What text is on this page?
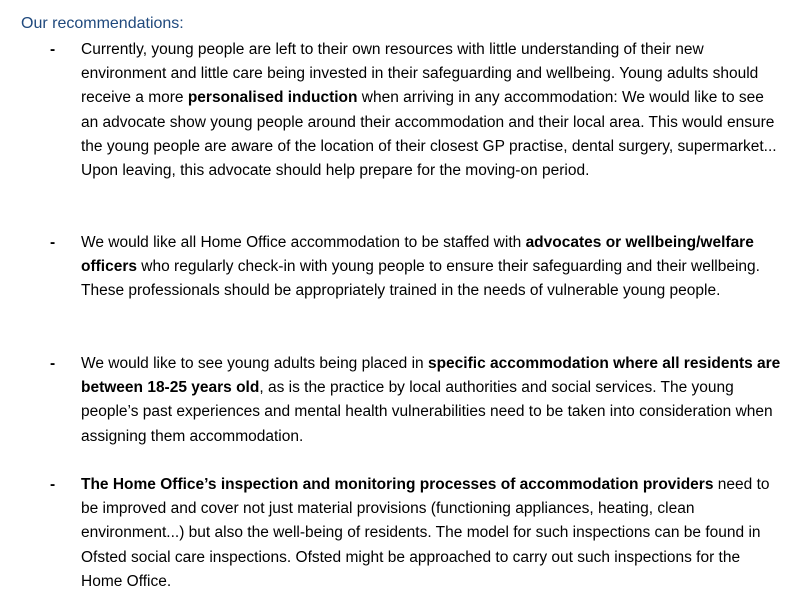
Our recommendations:
- Currently, young people are left to their own resources with little understanding of their new environment and little care being invested in their safeguarding and wellbeing. Young adults should receive a more personalised induction when arriving in any accommodation: We would like to see an advocate show young people around their accommodation and their local area. This would ensure the young people are aware of the location of their closest GP practise, dental surgery, supermarket... Upon leaving, this advocate should help prepare for the moving-on period.
- We would like all Home Office accommodation to be staffed with advocates or wellbeing/welfare officers who regularly check-in with young people to ensure their safeguarding and their wellbeing. These professionals should be appropriately trained in the needs of vulnerable young people.
- We would like to see young adults being placed in specific accommodation where all residents are between 18-25 years old, as is the practice by local authorities and social services. The young people’s past experiences and mental health vulnerabilities need to be taken into consideration when assigning them accommodation.
- The Home Office’s inspection and monitoring processes of accommodation providers need to be improved and cover not just material provisions (functioning appliances, heating, clean environment...) but also the well-being of residents. The model for such inspections can be found in Ofsted social care inspections. Ofsted might be approached to carry out such inspections for the Home Office.
